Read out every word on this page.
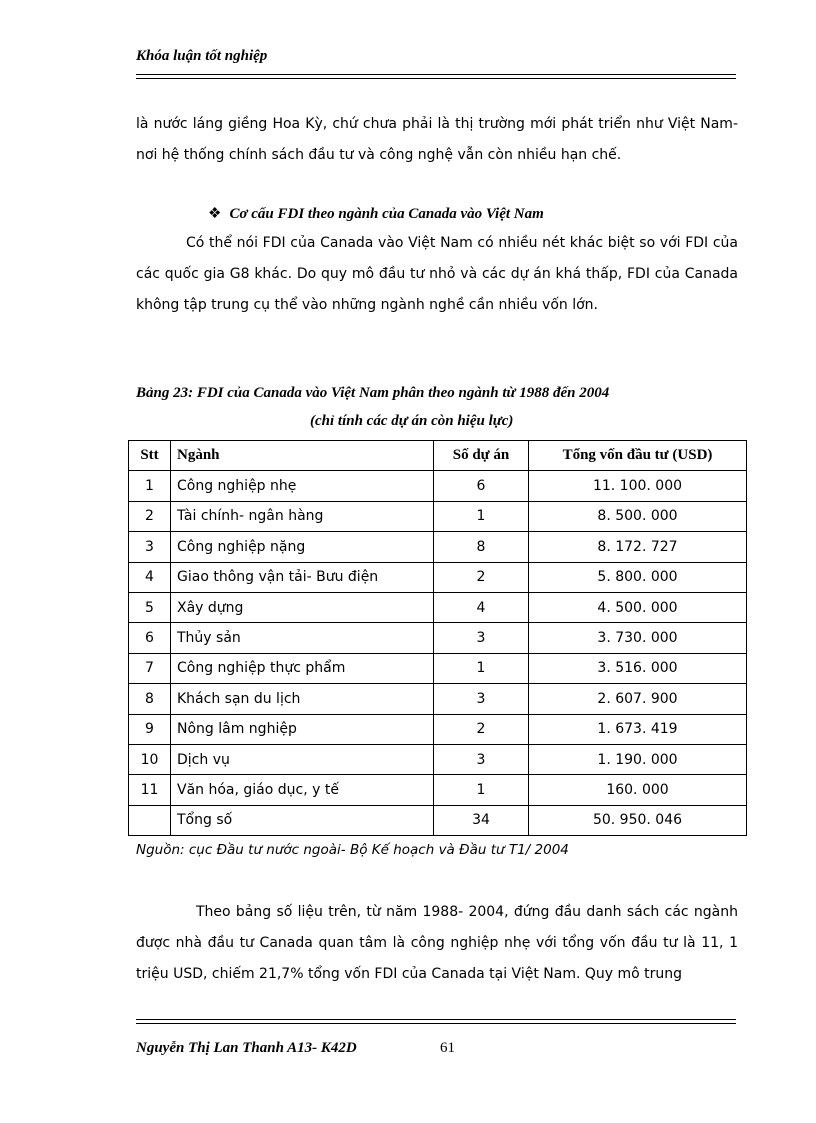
Khóa luận tốt nghiệp
là nước láng giềng Hoa Kỳ, chứ chưa phải là thị trường mới phát triển như Việt Nam- nơi hệ thống chính sách đầu tư và công nghệ vẫn còn nhiều hạn chế.
❖ Cơ cấu FDI theo ngành của Canada vào Việt Nam
Có thể nói FDI của Canada vào Việt Nam có nhiều nét khác biệt so với FDI của các quốc gia G8 khác. Do quy mô đầu tư nhỏ và các dự án khá thấp, FDI của Canada không tập trung cụ thể vào những ngành nghề cần nhiều vốn lớn.
Bảng 23: FDI của Canada vào Việt Nam phân theo ngành từ 1988 đến 2004
(chỉ tính các dự án còn hiệu lực)
Stt	Ngành	Số dự án	Tổng vốn đầu tư (USD)
1	Công nghiệp nhẹ	6	11. 100. 000
2	Tài chính- ngân hàng	1	8. 500. 000
3	Công nghiệp nặng	8	8. 172. 727
4	Giao thông vận tải- Bưu điện	2	5. 800. 000
5	Xây dựng	4	4. 500. 000
6	Thủy sản	3	3. 730. 000
7	Công nghiệp thực phẩm	1	3. 516. 000
8	Khách sạn du lịch	3	2. 607. 900
9	Nông lâm nghiệp	2	1. 673. 419
10	Dịch vụ	3	1. 190. 000
11	Văn hóa, giáo dục, y tế	1	160. 000
	Tổng số	34	50. 950. 046
Nguồn: cục Đầu tư nước ngoài- Bộ Kế hoạch và Đầu tư T1/ 2004
Theo bảng số liệu trên, từ năm 1988- 2004, đứng đầu danh sách các ngành được nhà đầu tư Canada quan tâm là công nghiệp nhẹ với tổng vốn đầu tư là 11, 1 triệu USD, chiếm 21,7% tổng vốn FDI của Canada tại Việt Nam. Quy mô trung
Nguyễn Thị Lan Thanh A13- K42D	61
